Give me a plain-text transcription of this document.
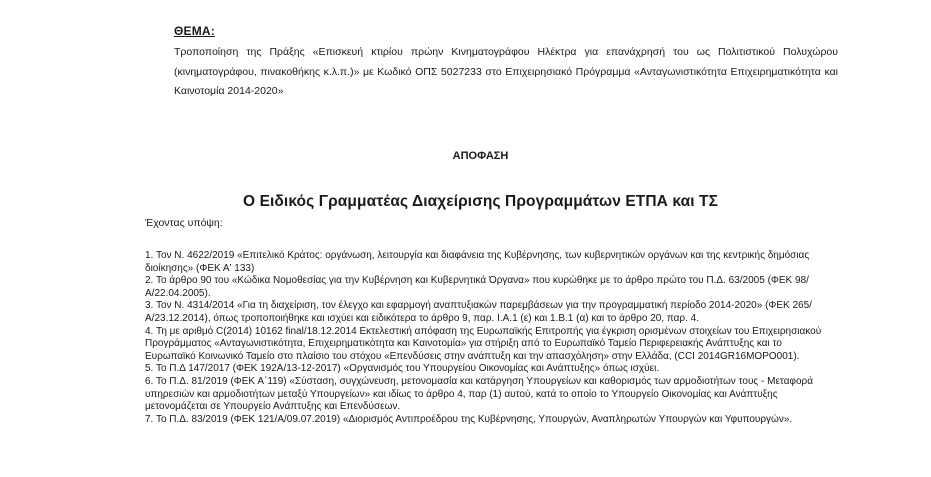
ΘΕΜΑ:
Τροποποίηση της Πράξης «Επισκευή κτιρίου πρώην Κινηματογράφου Ηλέκτρα για επανάχρησή του ως Πολιτιστικού Πολυχώρου (κινηματογράφου, πινακοθήκης κ.λ.π.)» με Κωδικό ΟΠΣ 5027233 στο Επιχειρησιακό Πρόγραμμα «Ανταγωνιστικότητα Επιχειρηματικότητα και Καινοτομία 2014-2020»
ΑΠΟΦΑΣΗ
Ο Ειδικός Γραμματέας Διαχείρισης Προγραμμάτων ΕΤΠΑ και ΤΣ
Έχοντας υπόψη:
1. Τον Ν. 4622/2019 «Επιτελικό Κράτος: οργάνωση, λειτουργία και διαφάνεια της Κυβέρνησης, των κυβερνητικών οργάνων και της κεντρικής δημόσιας διοίκησης» (ΦΕΚ Α' 133)
2. Το άρθρο 90 του «Κώδικα Νομοθεσίας για την Κυβέρνηση και Κυβερνητικά Όργανα» που κυρώθηκε με το άρθρο πρώτο του Π.Δ. 63/2005 (ΦΕΚ 98/Α/22.04.2005).
3. Τον Ν. 4314/2014 «Για τη διαχείριση, τον έλεγχο και εφαρμογή αναπτυξιακών παρεμβάσεων για την προγραμματική περίοδο 2014-2020» (ΦΕΚ 265/Α/23.12.2014), όπως τροποποιήθηκε και ισχύει και ειδικότερα το άρθρο 9, παρ. Ι.Α.1 (ε) και 1.Β.1 (α) και το άρθρο 20, παρ. 4.
4. Τη με αριθμό C(2014) 10162 final/18.12.2014 Εκτελεστική απόφαση της Ευρωπαϊκής Επιτροπής για έγκριση ορισμένων στοιχείων του Επιχειρησιακού Προγράμματος «Ανταγωνιστικότητα, Επιχειρηματικότητα και Καινοτομία» για στήριξη από το Ευρωπαϊκό Ταμείο Περιφερειακής Ανάπτυξης και το Ευρωπαϊκό Κοινωνικό Ταμείο στο πλαίσιο του στόχου «Επενδύσεις στην ανάπτυξη και την απασχόληση» στην Ελλάδα, (CCI 2014GR16MOPO001).
5. Το Π.Δ 147/2017 (ΦΕΚ 192Α/13-12-2017) «Οργανισμός του Υπουργείου Οικονομίας και Ανάπτυξης» όπως ισχύει.
6. Το Π.Δ. 81/2019 (ΦΕΚ Α΄119) «Σύσταση, συγχώνευση, μετονομασία και κατάργηση Υπουργείων και καθορισμός των αρμοδιοτήτων τους - Μεταφορά υπηρεσιών και αρμοδιοτήτων μεταξύ Υπουργείων» και ιδίως το άρθρο 4, παρ (1) αυτού, κατά το οποίο το Υπουργείο Οικονομίας και Ανάπτυξης μετονομάζεται σε Υπουργείο Ανάπτυξης και Επενδύσεων.
7. Το Π.Δ. 83/2019 (ΦΕΚ 121/Α/09.07.2019) «Διορισμός Αντιπροέδρου της Κυβέρνησης, Υπουργών, Αναπληρωτών Υπουργών και Υφυπουργών».
